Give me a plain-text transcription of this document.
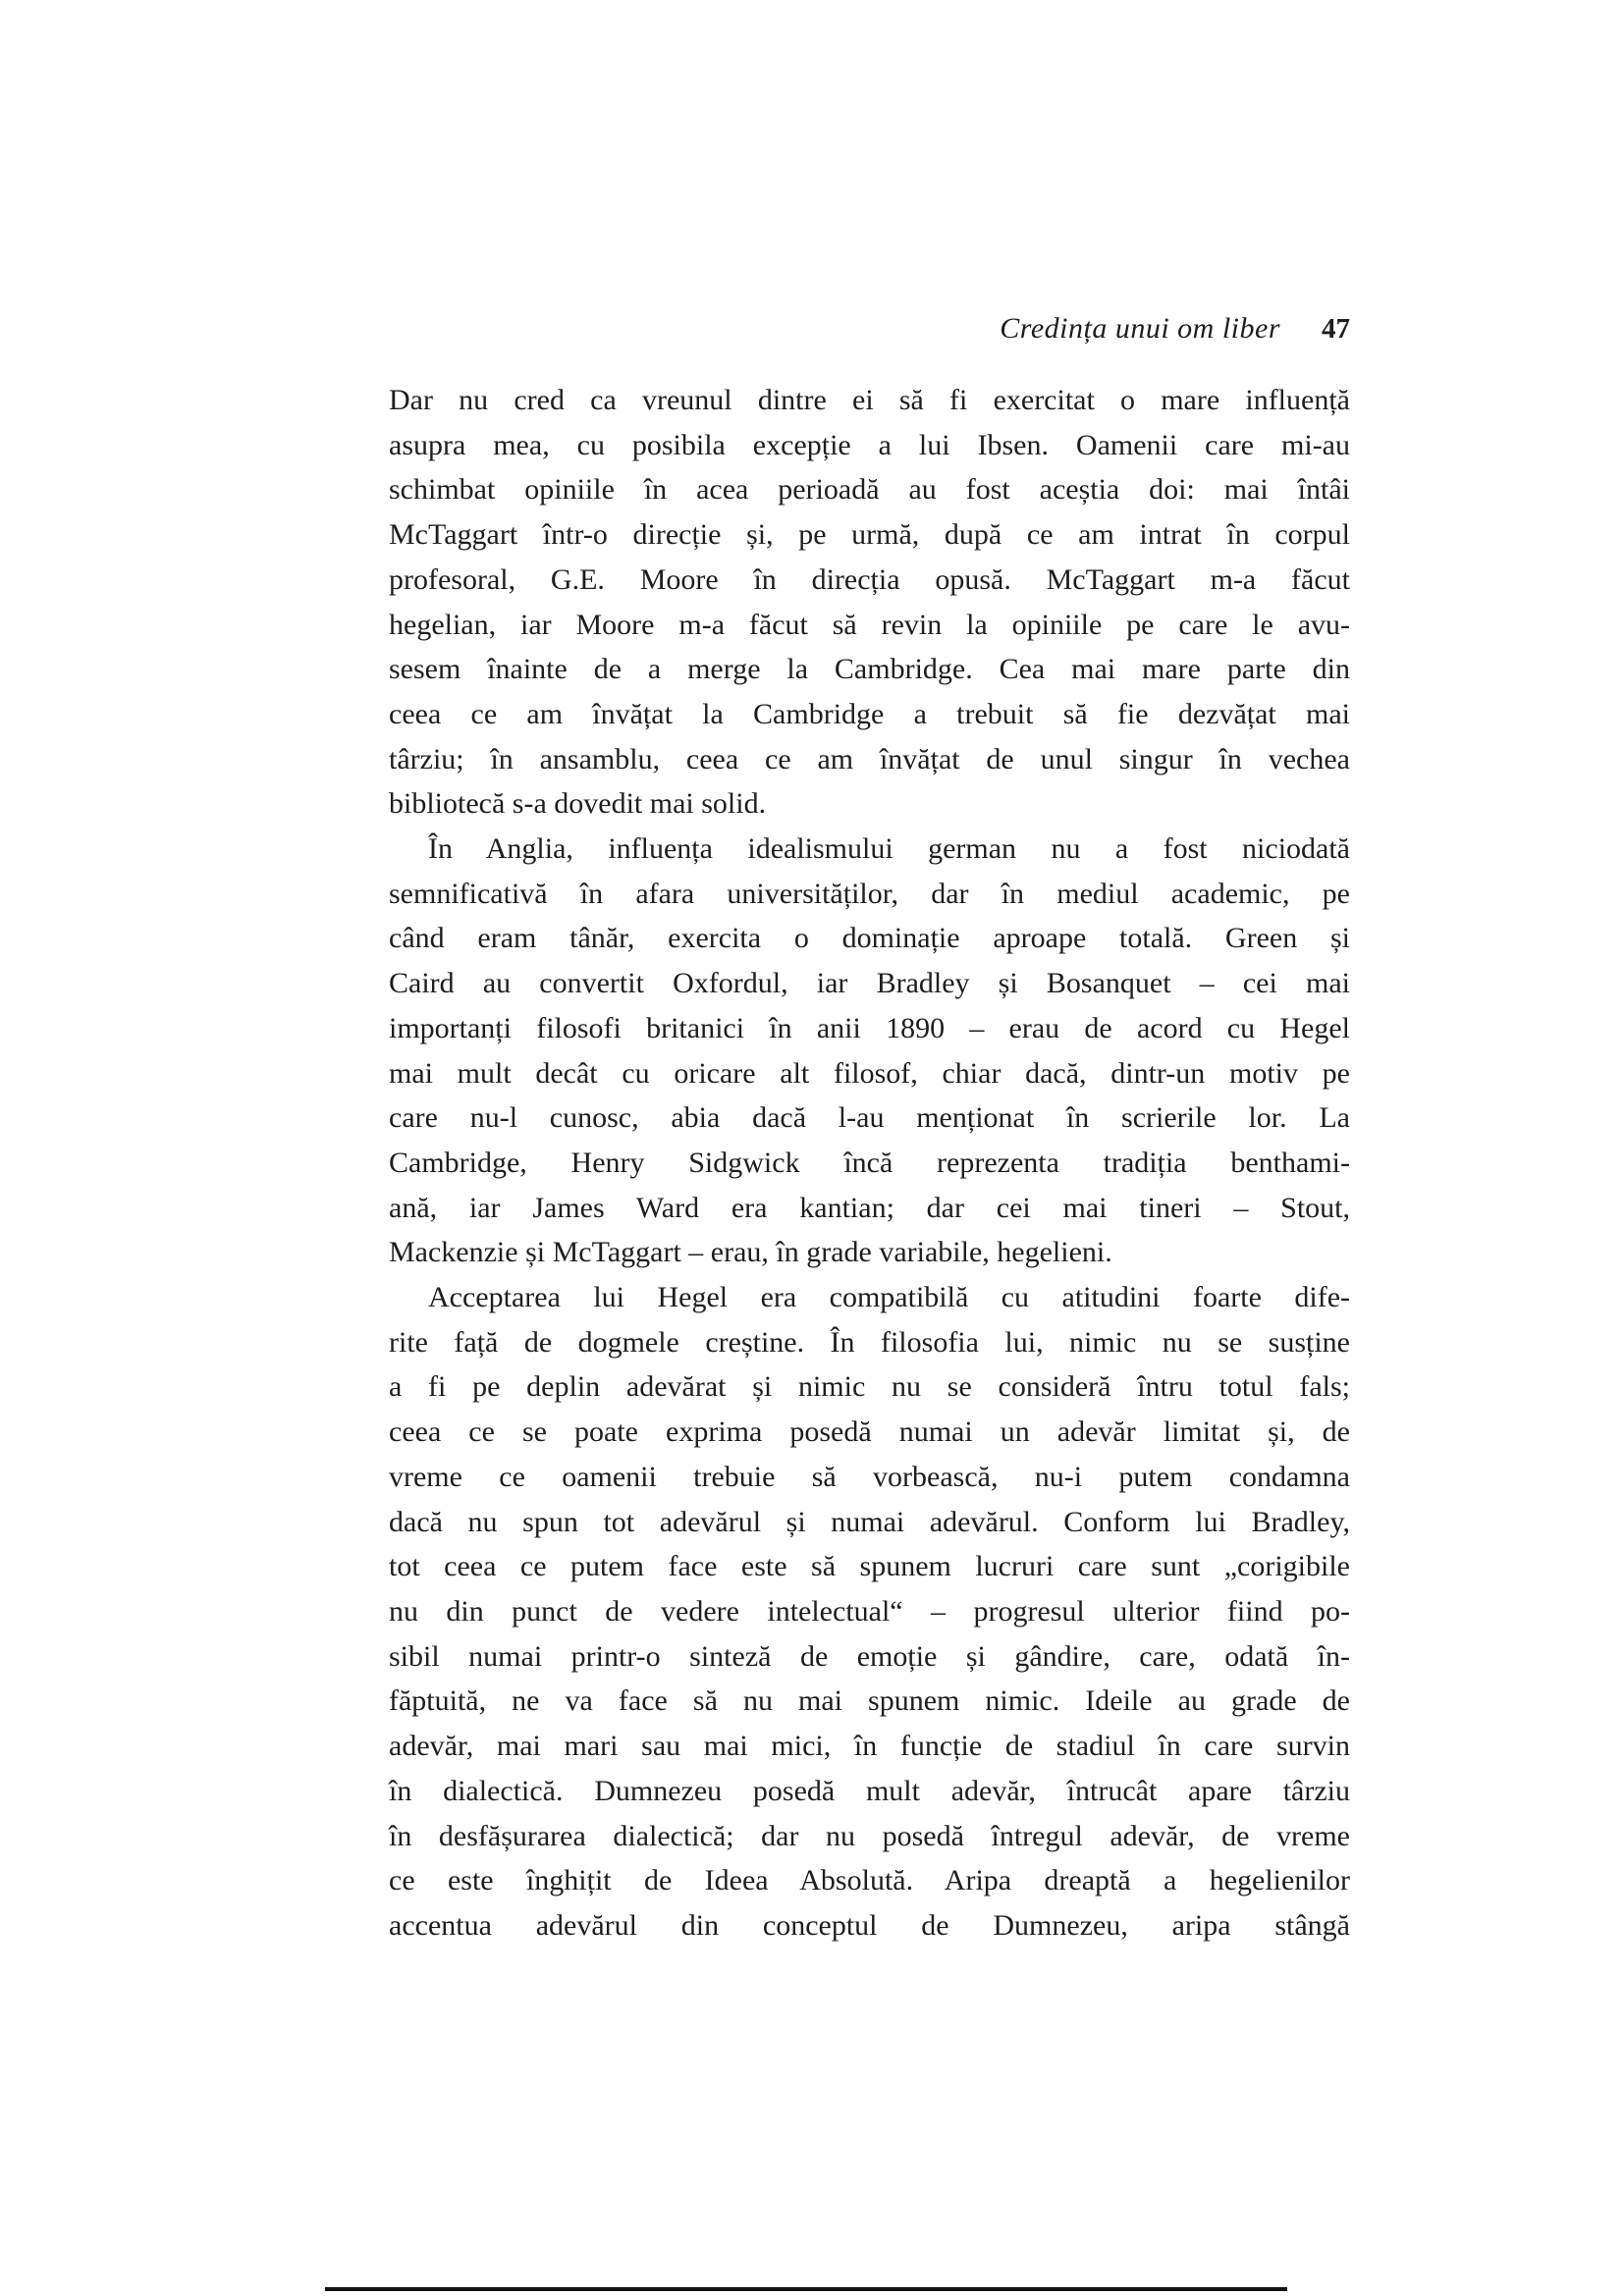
Credința unui om liber 47
Dar nu cred ca vreunul dintre ei să fi exercitat o mare influență
asupra mea, cu posibila excepție a lui Ibsen. Oamenii care mi-au
schimbat opiniile în acea perioadă au fost aceștia doi: mai întâi
McTaggart într-o direcție și, pe urmă, după ce am intrat în corpul
profesoral, G.E. Moore în direcția opusă. McTaggart m-a făcut
hegelian, iar Moore m-a făcut să revin la opiniile pe care le avu-
sesem înainte de a merge la Cambridge. Cea mai mare parte din
ceea ce am învățat la Cambridge a trebuit să fie dezvățat mai
târziu; în ansamblu, ceea ce am învățat de unul singur în vechea
bibliotecă s-a dovedit mai solid.
În Anglia, influența idealismului german nu a fost niciodată
semnificativă în afara universităților, dar în mediul academic, pe
când eram tânăr, exercita o dominație aproape totală. Green și
Caird au convertit Oxfordul, iar Bradley și Bosanquet – cei mai
importanți filosofi britanici în anii 1890 – erau de acord cu Hegel
mai mult decât cu oricare alt filosof, chiar dacă, dintr-un motiv pe
care nu-l cunosc, abia dacă l-au menționat în scrierile lor. La
Cambridge, Henry Sidgwick încă reprezenta tradiția benthami-
ană, iar James Ward era kantian; dar cei mai tineri – Stout,
Mackenzie și McTaggart – erau, în grade variabile, hegelieni.
Acceptarea lui Hegel era compatibilă cu atitudini foarte dife-
rite față de dogmele creștine. În filosofia lui, nimic nu se susține
a fi pe deplin adevărat și nimic nu se consideră întru totul fals;
ceea ce se poate exprima posedă numai un adevăr limitat și, de
vreme ce oamenii trebuie să vorbească, nu-i putem condamna
dacă nu spun tot adevărul și numai adevărul. Conform lui Bradley,
tot ceea ce putem face este să spunem lucruri care sunt „corigibile
nu din punct de vedere intelectual“ – progresul ulterior fiind po-
sibil numai printr-o sinteză de emoție și gândire, care, odată în-
făptuită, ne va face să nu mai spunem nimic. Ideile au grade de
adevăr, mai mari sau mai mici, în funcție de stadiul în care survin
în dialectică. Dumnezeu posedă mult adevăr, întrucât apare târziu
în desfășurarea dialectică; dar nu posedă întregul adevăr, de vreme
ce este înghițit de Ideea Absolută. Aripa dreaptă a hegelienilor
accentua adevărul din conceptul de Dumnezeu, aripa stângă
